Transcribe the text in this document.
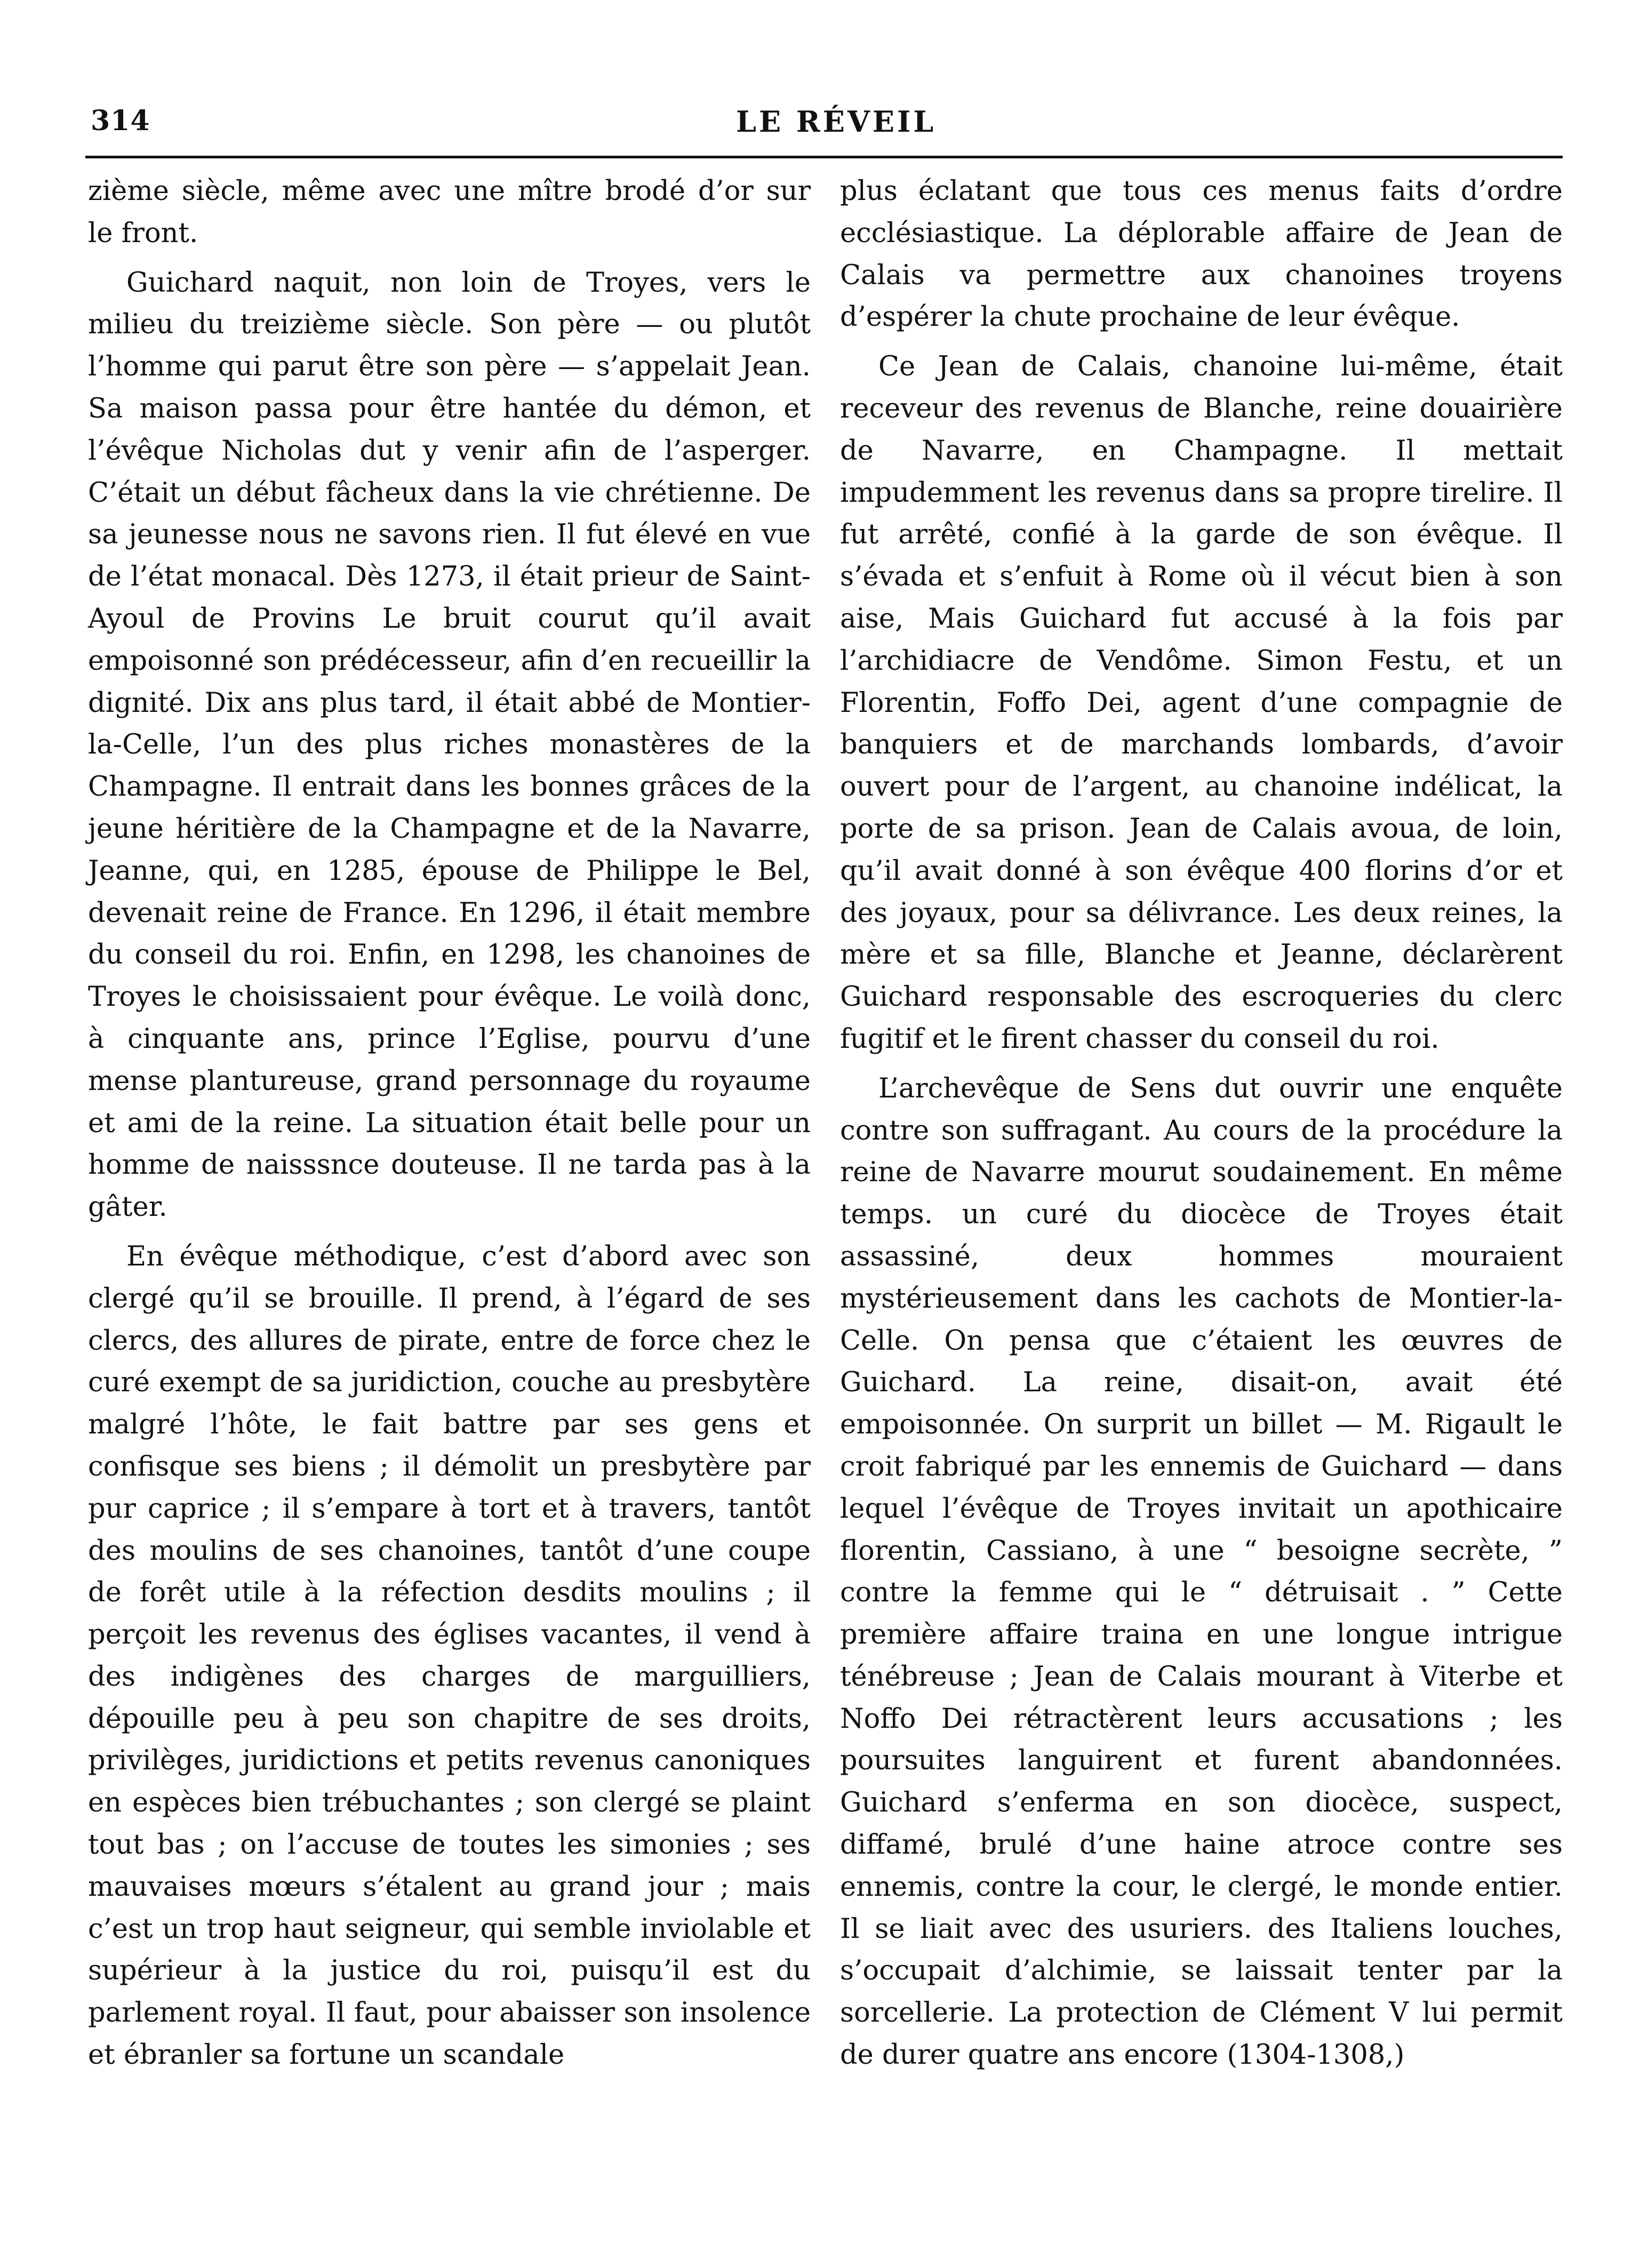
314	LE RÉVEIL

zième siècle, même avec une mître brodé d’or sur le front.

Guichard naquit, non loin de Troyes, vers le milieu du treizième siècle. Son père — ou plutôt l’homme qui parut être son père — s’appelait Jean. Sa maison passa pour être hantée du démon, et l’évêque Nicholas dut y venir afin de l’asperger. C’était un début fâcheux dans la vie chrétienne. De sa jeunesse nous ne savons rien. Il fut élevé en vue de l’état monacal. Dès 1273, il était prieur de Saint-Ayoul de Provins Le bruit courut qu’il avait empoisonné son prédécesseur, afin d’en recueillir la dignité. Dix ans plus tard, il était abbé de Montier-la-Celle, l’un des plus riches monastères de la Champagne. Il entrait dans les bonnes grâces de la jeune héritière de la Champagne et de la Navarre, Jeanne, qui, en 1285, épouse de Philippe le Bel, devenait reine de France. En 1296, il était membre du conseil du roi. Enfin, en 1298, les chanoines de Troyes le choisissaient pour évêque. Le voilà donc, à cinquante ans, prince l’Eglise, pourvu d’une mense plantureuse, grand personnage du royaume et ami de la reine. La situation était belle pour un homme de naisssnce douteuse. Il ne tarda pas à la gâter.

En évêque méthodique, c’est d’abord avec son clergé qu’il se brouille. Il prend, à l’égard de ses clercs, des allures de pirate, entre de force chez le curé exempt de sa juridiction, couche au presbytère malgré l’hôte, le fait battre par ses gens et confisque ses biens ; il démolit un presbytère par pur caprice ; il s’empare à tort et à travers, tantôt des moulins de ses chanoines, tantôt d’une coupe de forêt utile à la réfection desdits moulins ; il perçoit les revenus des églises vacantes, il vend à des indigènes des charges de marguilliers, dépouille peu à peu son chapitre de ses droits, privilèges, juridictions et petits revenus canoniques en espèces bien trébuchantes ; son clergé se plaint tout bas ; on l’accuse de toutes les simonies ; ses mauvaises mœurs s’étalent au grand jour ; mais c’est un trop haut seigneur, qui semble inviolable et supérieur à la justice du roi, puisqu’il est du parlement royal. Il faut, pour abaisser son insolence et ébranler sa fortune un scandale

plus éclatant que tous ces menus faits d’ordre ecclésiastique. La déplorable affaire de Jean de Calais va permettre aux chanoines troyens d’espérer la chute prochaine de leur évêque.

Ce Jean de Calais, chanoine lui-même, était receveur des revenus de Blanche, reine douairière de Navarre, en Champagne. Il mettait impudemment les revenus dans sa propre tirelire. Il fut arrêté, confié à la garde de son évêque. Il s’évada et s’enfuit à Rome où il vécut bien à son aise, Mais Guichard fut accusé à la fois par l’archidiacre de Vendôme. Simon Festu, et un Florentin, Foffo Dei, agent d’une compagnie de banquiers et de marchands lombards, d’avoir ouvert pour de l’argent, au chanoine indélicat, la porte de sa prison. Jean de Calais avoua, de loin, qu’il avait donné à son évêque 400 florins d’or et des joyaux, pour sa délivrance. Les deux reines, la mère et sa fille, Blanche et Jeanne, déclarèrent Guichard responsable des escroqueries du clerc fugitif et le firent chasser du conseil du roi.

L’archevêque de Sens dut ouvrir une enquête contre son suffragant. Au cours de la procédure la reine de Navarre mourut soudainement. En même temps. un curé du diocèce de Troyes était assassiné, deux hommes mouraient mystérieusement dans les cachots de Montier-la-Celle. On pensa que c’étaient les œuvres de Guichard. La reine, disait-on, avait été empoisonnée. On surprit un billet — M. Rigault le croit fabriqué par les ennemis de Guichard — dans lequel l’évêque de Troyes invitait un apothicaire florentin, Cassiano, à une “ besoigne secrète, ” contre la femme qui le “ détruisait . ” Cette première affaire traina en une longue intrigue ténébreuse ; Jean de Calais mourant à Viterbe et Noffo Dei rétractèrent leurs accusations ; les poursuites languirent et furent abandonnées. Guichard s’enferma en son diocèce, suspect, diffamé, brulé d’une haine atroce contre ses ennemis, contre la cour, le clergé, le monde entier. Il se liait avec des usuriers. des Italiens louches, s’occupait d’alchimie, se laissait tenter par la sorcellerie. La protection de Clément V lui permit de durer quatre ans encore (1304-1308,)
